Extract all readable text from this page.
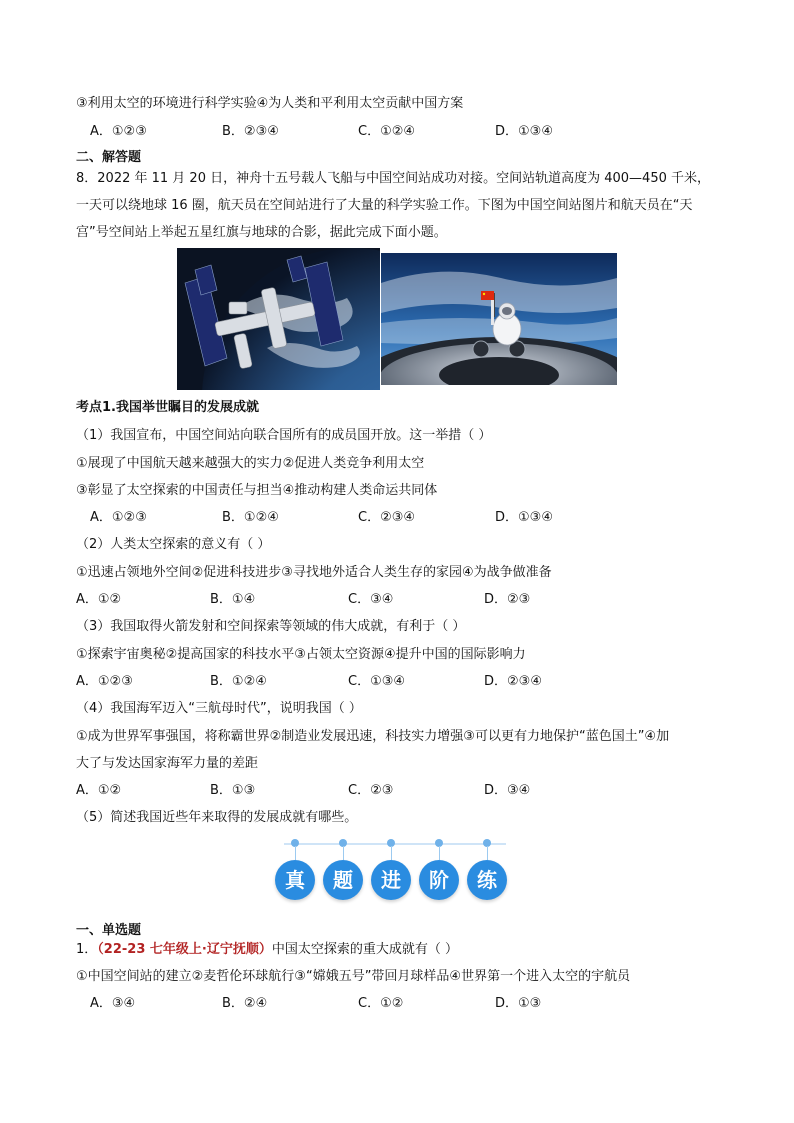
③利用太空的环境进行科学实验④为人类和平利用太空贡献中国方案
A．①②③	B．②③④	C．①②④	D．①③④
二、解答题
8．2022 年 11 月 20 日，神舟十五号载人飞船与中国空间站成功对接。空间站轨道高度为 400—450 千米，
一天可以绕地球 16 圈，航天员在空间站进行了大量的科学实验工作。下图为中国空间站图片和航天员在“天
宫”号空间站上举起五星红旗与地球的合影，据此完成下面小题。
考点1.我国举世瞩目的发展成就
（1）我国宣布，中国空间站向联合国所有的成员国开放。这一举措（ ）
①展现了中国航天越来越强大的实力②促进人类竞争利用太空
③彰显了太空探索的中国责任与担当④推动构建人类命运共同体
A．①②③	B．①②④	C．②③④	D．①③④
（2）人类太空探索的意义有（ ）
①迅速占领地外空间②促进科技进步③寻找地外适合人类生存的家园④为战争做准备
A．①②	B．①④	C．③④	D．②③
（3）我国取得火箭发射和空间探索等领域的伟大成就，有利于（ ）
①探索宇宙奥秘②提高国家的科技水平③占领太空资源④提升中国的国际影响力
A．①②③	B．①②④	C．①③④	D．②③④
（4）我国海军迈入“三航母时代”，说明我国（ ）
①成为世界军事强国，将称霸世界②制造业发展迅速，科技实力增强③可以更有力地保护“蓝色国土”④加
大了与发达国家海军力量的差距
A．①②	B．①③	C．②③	D．③④
（5）简述我国近些年来取得的发展成就有哪些。
真	题	进	阶	练
一、单选题
1．（22-23 七年级上·辽宁抚顺）中国太空探索的重大成就有（ ）
①中国空间站的建立②麦哲伦环球航行③“嫦娥五号”带回月球样品④世界第一个进入太空的宇航员
A．③④	B．②④	C．①②	D．①③
